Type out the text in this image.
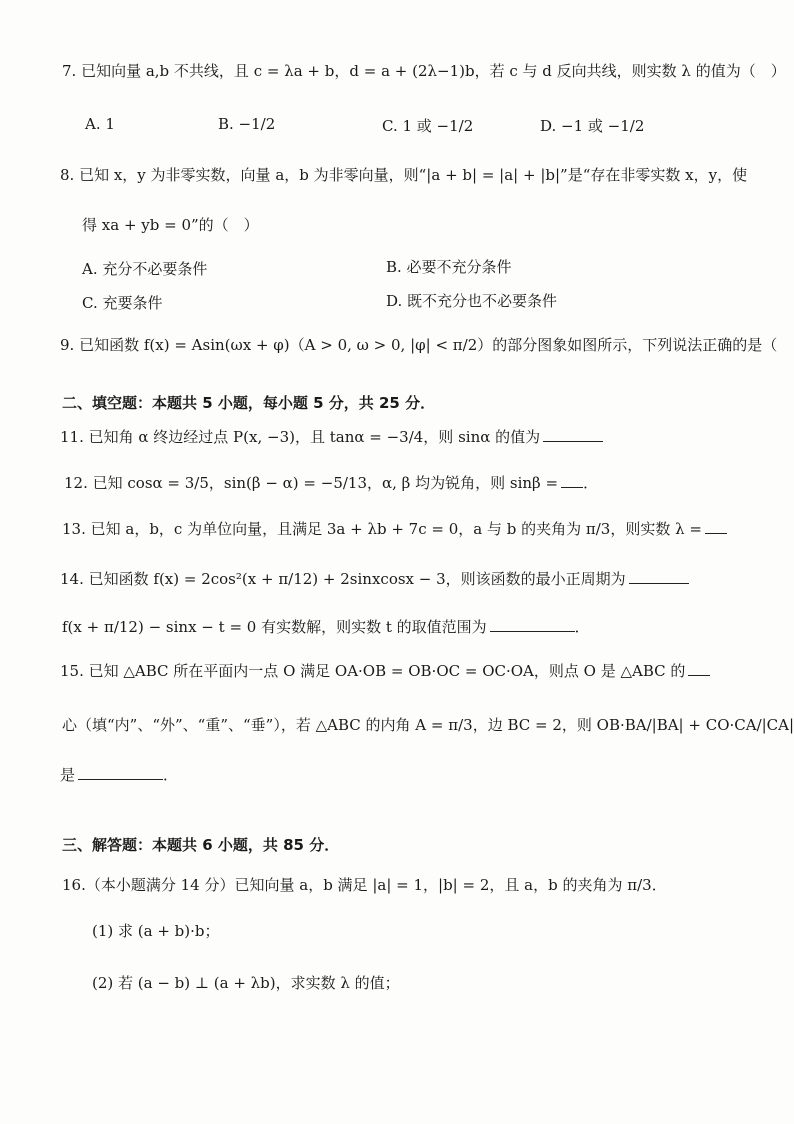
7. 已知向量 a,b 不共线，且 c = λa + b，d = a + (2λ−1)b，若 c 与 d 反向共线，则实数 λ 的值为（　）
A. 1	B. −1/2	C. 1 或 −1/2	D. −1 或 −1/2
8. 已知 x，y 为非零实数，向量 a，b 为非零向量，则“|a + b| = |a| + |b|”是“存在非零实数 x，y，使
得 xa + yb = 0”的（　）
A. 充分不必要条件	B. 必要不充分条件
C. 充要条件	D. 既不充分也不必要条件
9. 已知函数 f(x) = Asin(ωx + φ)（A > 0, ω > 0, |φ| < π/2）的部分图象如图所示，下列说法正确的是（
二、填空题：本题共 5 小题，每小题 5 分，共 25 分．
11. 已知角 α 终边经过点 P(x, −3)，且 tanα = −3/4，则 sinα 的值为
12. 已知 cosα = 3/5，sin(β − α) = −5/13，α, β 均为锐角，则 sinβ = ．
13. 已知 a，b，c 为单位向量，且满足 3a + λb + 7c = 0，a 与 b 的夹角为 π/3，则实数 λ =
14. 已知函数 f(x) = 2cos²(x + π/12) + 2sinxcosx − 3，则该函数的最小正周期为
f(x + π/12) − sinx − t = 0 有实数解，则实数 t 的取值范围为	．
15. 已知 △ABC 所在平面内一点 O 满足 OA·OB = OB·OC = OC·OA，则点 O 是 △ABC 的
心（填“内”、“外”、“重”、“垂”），若 △ABC 的内角 A = π/3，边 BC = 2，则 OB·BA/|BA| + CO·CA/|CA|
是	．
三、解答题：本题共 6 小题，共 85 分．
16.（本小题满分 14 分）已知向量 a，b 满足 |a| = 1，|b| = 2，且 a，b 的夹角为 π/3．
(1) 求 (a + b)·b；
(2) 若 (a − b) ⊥ (a + λb)，求实数 λ 的值；
